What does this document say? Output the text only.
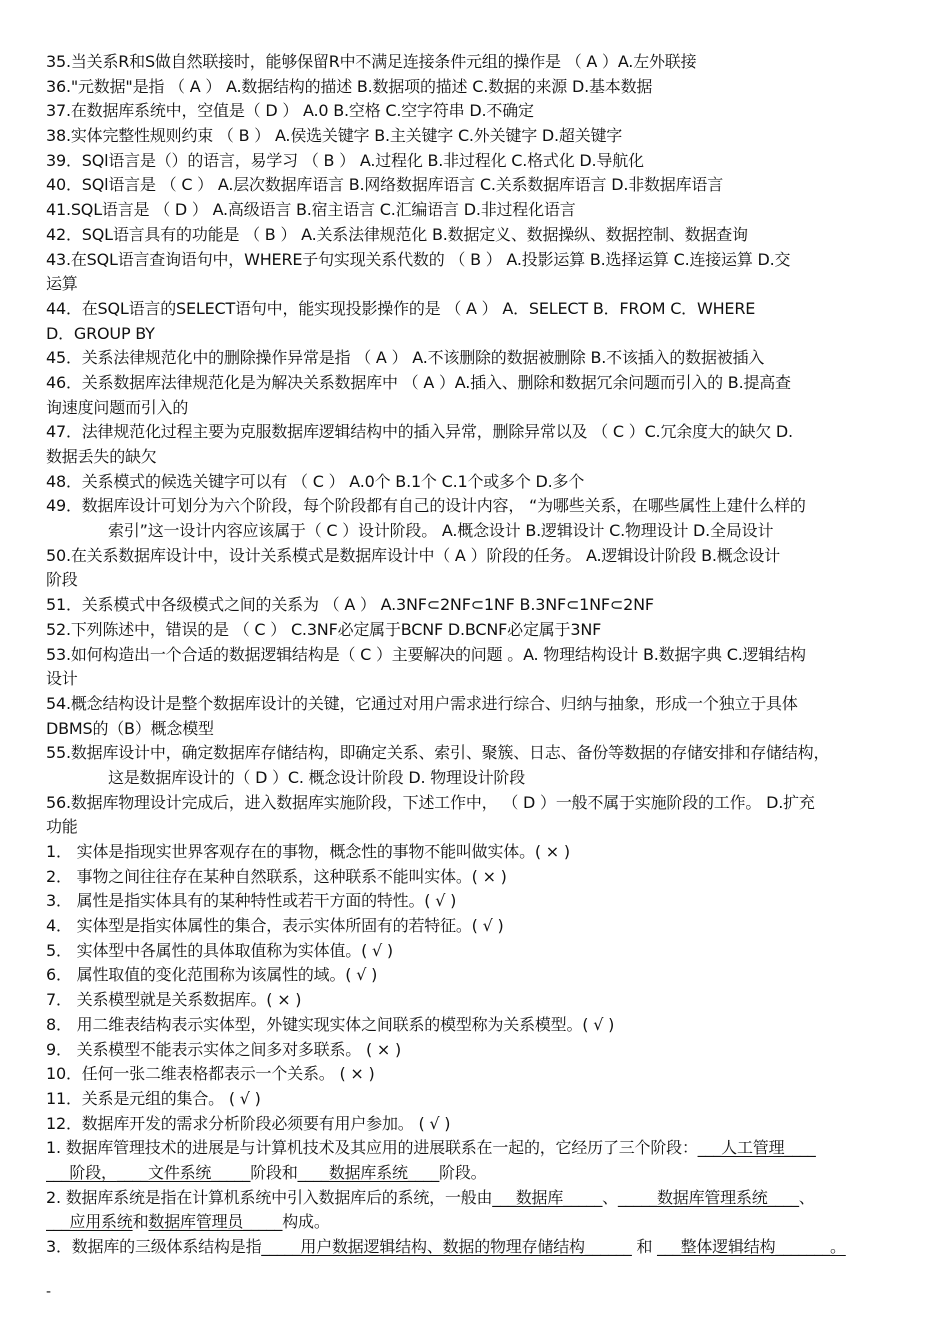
35.当关系R和S做自然联接时，能够保留R中不满足连接条件元组的操作是 （ A ）A.左外联接
36."元数据"是指 （ A ） A.数据结构的描述 B.数据项的描述 C.数据的来源 D.基本数据
37.在数据库系统中，空值是（ D ） A.0 B.空格 C.空字符串 D.不确定
38.实体完整性规则约束 （ B ） A.侯选关键字 B.主关键字 C.外关键字 D.超关键字
39．SQl语言是（）的语言，易学习 （ B ） A.过程化 B.非过程化 C.格式化 D.导航化
40．SQl语言是 （ C ） A.层次数据库语言 B.网络数据库语言 C.关系数据库语言 D.非数据库语言
41.SQL语言是 （ D ） A.高级语言 B.宿主语言 C.汇编语言 D.非过程化语言
42．SQL语言具有的功能是 （ B ） A.关系法律规范化 B.数据定义、数据操纵、数据控制、数据查询
43.在SQL语言查询语句中，WHERE子句实现关系代数的 （ B ） A.投影运算 B.选择运算 C.连接运算 D.交
运算
44．在SQL语言的SELECT语句中，能实现投影操作的是 （ A ） A．SELECT B．FROM C．WHERE
D．GROUP BY
45．关系法律规范化中的删除操作异常是指 （ A ） A.不该删除的数据被删除 B.不该插入的数据被插入
46．关系数据库法律规范化是为解决关系数据库中 （ A ）A.插入、删除和数据冗余问题而引入的 B.提高查
询速度问题而引入的
47．法律规范化过程主要为克服数据库逻辑结构中的插入异常，删除异常以及 （ C ）C.冗余度大的缺欠 D.
数据丢失的缺欠
48．关系模式的候选关键字可以有 （ C ） A.0个 B.1个 C.1个或多个 D.多个
49．数据库设计可划分为六个阶段，每个阶段都有自己的设计内容， “为哪些关系，在哪些属性上建什么样的
索引”这一设计内容应该属于（ C ）设计阶段。 A.概念设计 B.逻辑设计 C.物理设计 D.全局设计
50.在关系数据库设计中，设计关系模式是数据库设计中（ A ）阶段的任务。 A.逻辑设计阶段 B.概念设计
阶段
51．关系模式中各级模式之间的关系为 （ A ） A.3NF⊂2NF⊂1NF B.3NF⊂1NF⊂2NF
52.下列陈述中，错误的是 （ C ） C.3NF必定属于BCNF D.BCNF必定属于3NF
53.如何构造出一个合适的数据逻辑结构是（ C ）主要解决的问题 。A. 物理结构设计 B.数据字典 C.逻辑结构
设计
54.概念结构设计是整个数据库设计的关键，它通过对用户需求进行综合、归纳与抽象，形成一个独立于具体
DBMS的（B）概念模型
55.数据库设计中，确定数据库存储结构，即确定关系、索引、聚簇、日志、备份等数据的存储安排和存储结构，
这是数据库设计的（ D ）C. 概念设计阶段 D. 物理设计阶段
56.数据库物理设计完成后，进入数据库实施阶段，下述工作中， （ D ）一般不属于实施阶段的工作。 D.扩充
功能
1． 实体是指现实世界客观存在的事物，概念性的事物不能叫做实体。( × )
2． 事物之间往往存在某种自然联系，这种联系不能叫实体。( × )
3． 属性是指实体具有的某种特性或若干方面的特性。( √ )
4． 实体型是指实体属性的集合，表示实体所固有的若特征。( √ )
5． 实体型中各属性的具体取值称为实体值。( √ )
6． 属性取值的变化范围称为该属性的域。( √ )
7． 关系模型就是关系数据库。( × )
8． 用二维表结构表示实体型，外键实现实体之间联系的模型称为关系模型。( √ )
9． 关系模型不能表示实体之间多对多联系。 ( × )
10．任何一张二维表格都表示一个关系。 ( × )
11．关系是元组的集合。 ( √ )
12．数据库开发的需求分析阶段必须要有用户参加。 ( √ )
1. 数据库管理技术的进展是与计算机技术及其应用的进展联系在一起的，它经历了三个阶段：___人工管理____
___阶段，____文件系统_____阶段和____数据库系统____阶段。
2. 数据库系统是指在计算机系统中引入数据库后的系统，一般由___数据库_____、_____数据库管理系统____、
___应用系统和数据库管理员_____构成。
3．数据库的三级体系结构是指_____用户数据逻辑结构、数据的物理存储结构______ 和 ___整体逻辑结构_______。
-
